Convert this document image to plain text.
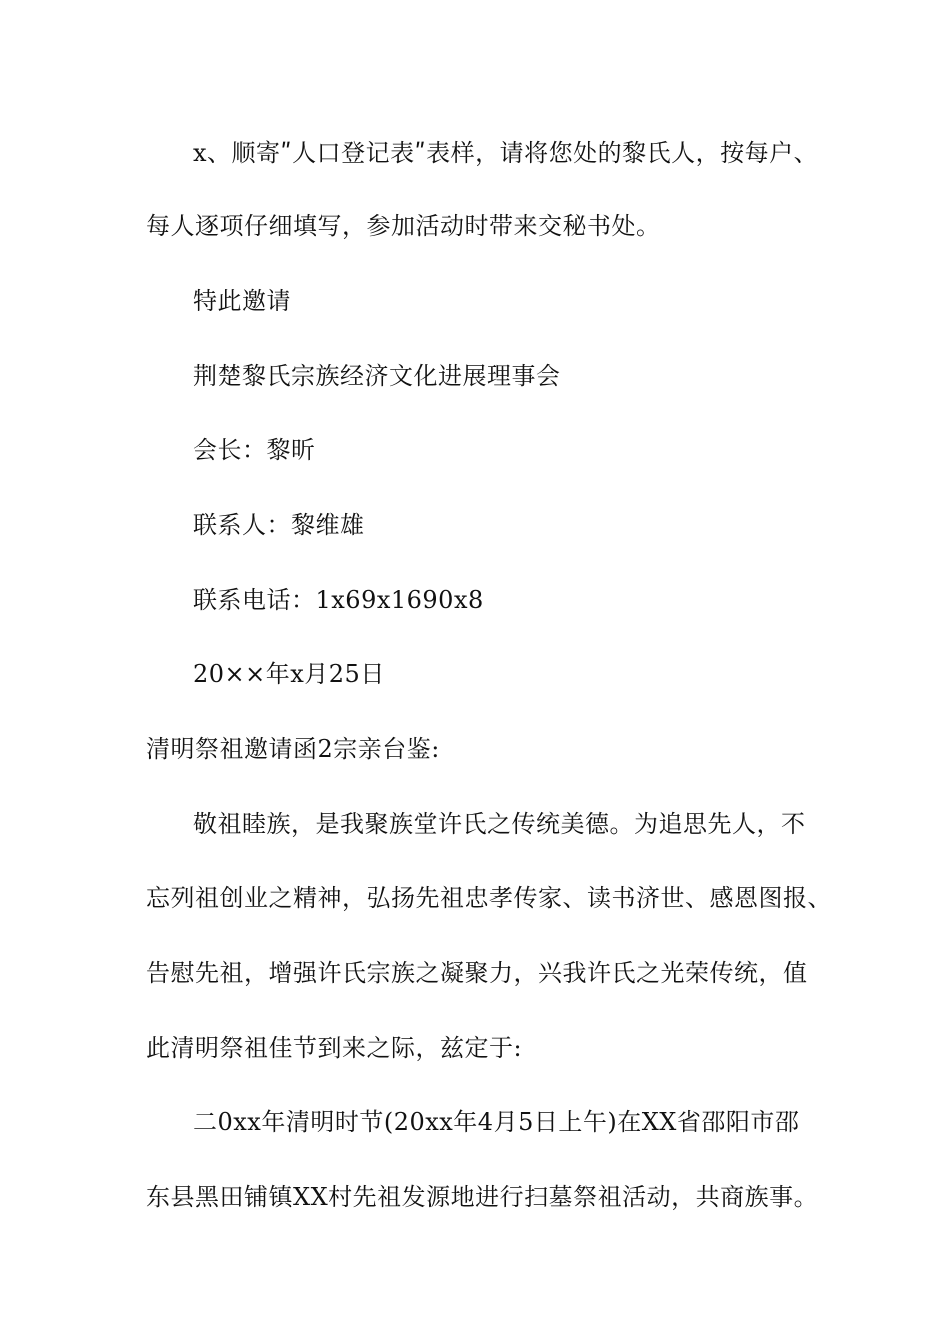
x、顺寄ʺ人口登记表ʺ表样，请将您处的黎氏人，按每户、
每人逐项仔细填写，参加活动时带来交秘书处。
特此邀请
荆楚黎氏宗族经济文化进展理事会
会长：黎昕
联系人：黎维雄
联系电话：1x69x1690x8
20××年x月25日
清明祭祖邀请函2宗亲台鉴:
敬祖睦族，是我聚族堂许氏之传统美德。为追思先人，不
忘列祖创业之精神，弘扬先祖忠孝传家、读书济世、感恩图报、
告慰先祖，增强许氏宗族之凝聚力，兴我许氏之光荣传统，值
此清明祭祖佳节到来之际，兹定于:
二0xx年清明时节(20xx年4月5日上午)在XX省邵阳市邵
东县黑田铺镇XX村先祖发源地进行扫墓祭祖活动，共商族事。
